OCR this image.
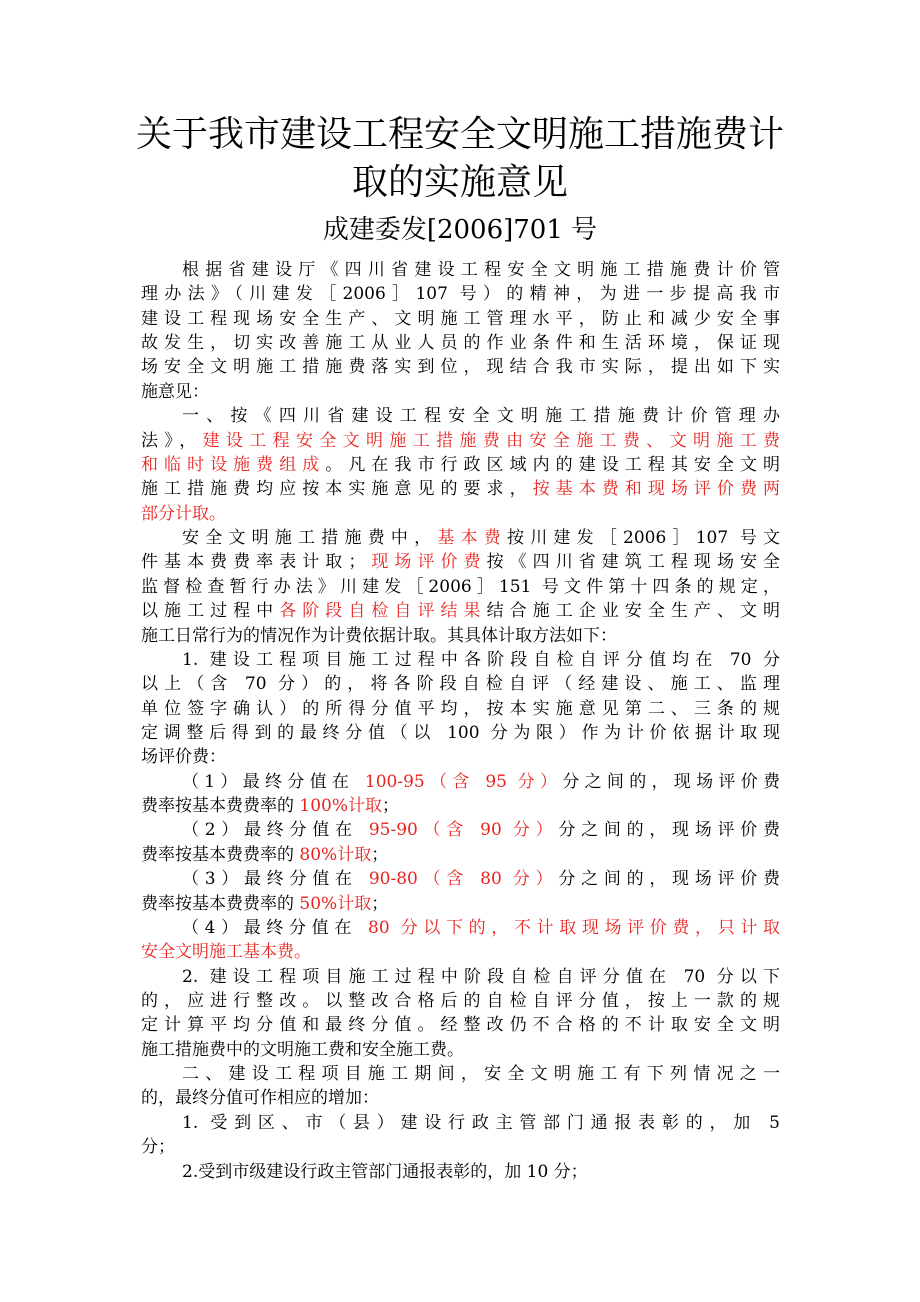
关于我市建设工程安全文明施工措施费计
取的实施意见
成建委发[2006]701 号
根据省建设厅《四川省建设工程安全文明施工措施费计价管
理办法》（川建发［2006］107 号）的精神，为进一步提高我市
建设工程现场安全生产、文明施工管理水平，防止和减少安全事
故发生，切实改善施工从业人员的作业条件和生活环境，保证现
场安全文明施工措施费落实到位，现结合我市实际，提出如下实
施意见：
一、按《四川省建设工程安全文明施工措施费计价管理办
法》，建设工程安全文明施工措施费由安全施工费、文明施工费
和临时设施费组成。凡在我市行政区域内的建设工程其安全文明
施工措施费均应按本实施意见的要求，按基本费和现场评价费两
部分计取。
安全文明施工措施费中，基本费按川建发［2006］107 号文
件基本费费率表计取；现场评价费按《四川省建筑工程现场安全
监督检查暂行办法》川建发［2006］151 号文件第十四条的规定，
以施工过程中各阶段自检自评结果结合施工企业安全生产、文明
施工日常行为的情况作为计费依据计取。其具体计取方法如下：
1. 建设工程项目施工过程中各阶段自检自评分值均在 70 分
以上（含 70 分）的，将各阶段自检自评（经建设、施工、监理
单位签字确认）的所得分值平均，按本实施意见第二、三条的规
定调整后得到的最终分值（以 100 分为限）作为计价依据计取现
场评价费：
（1）最终分值在 100-95（含 95 分）分之间的，现场评价费
费率按基本费费率的 100%计取；
（2）最终分值在 95-90（含 90 分）分之间的，现场评价费
费率按基本费费率的 80%计取；
（3）最终分值在 90-80（含 80 分）分之间的，现场评价费
费率按基本费费率的 50%计取；
（4）最终分值在 80 分以下的，不计取现场评价费，只计取
安全文明施工基本费。
2. 建设工程项目施工过程中阶段自检自评分值在 70 分以下
的，应进行整改。以整改合格后的自检自评分值，按上一款的规
定计算平均分值和最终分值。经整改仍不合格的不计取安全文明
施工措施费中的文明施工费和安全施工费。
二、建设工程项目施工期间，安全文明施工有下列情况之一
的，最终分值可作相应的增加：
1. 受到区、市（县）建设行政主管部门通报表彰的，加 5
分；
2.受到市级建设行政主管部门通报表彰的，加 10 分；
